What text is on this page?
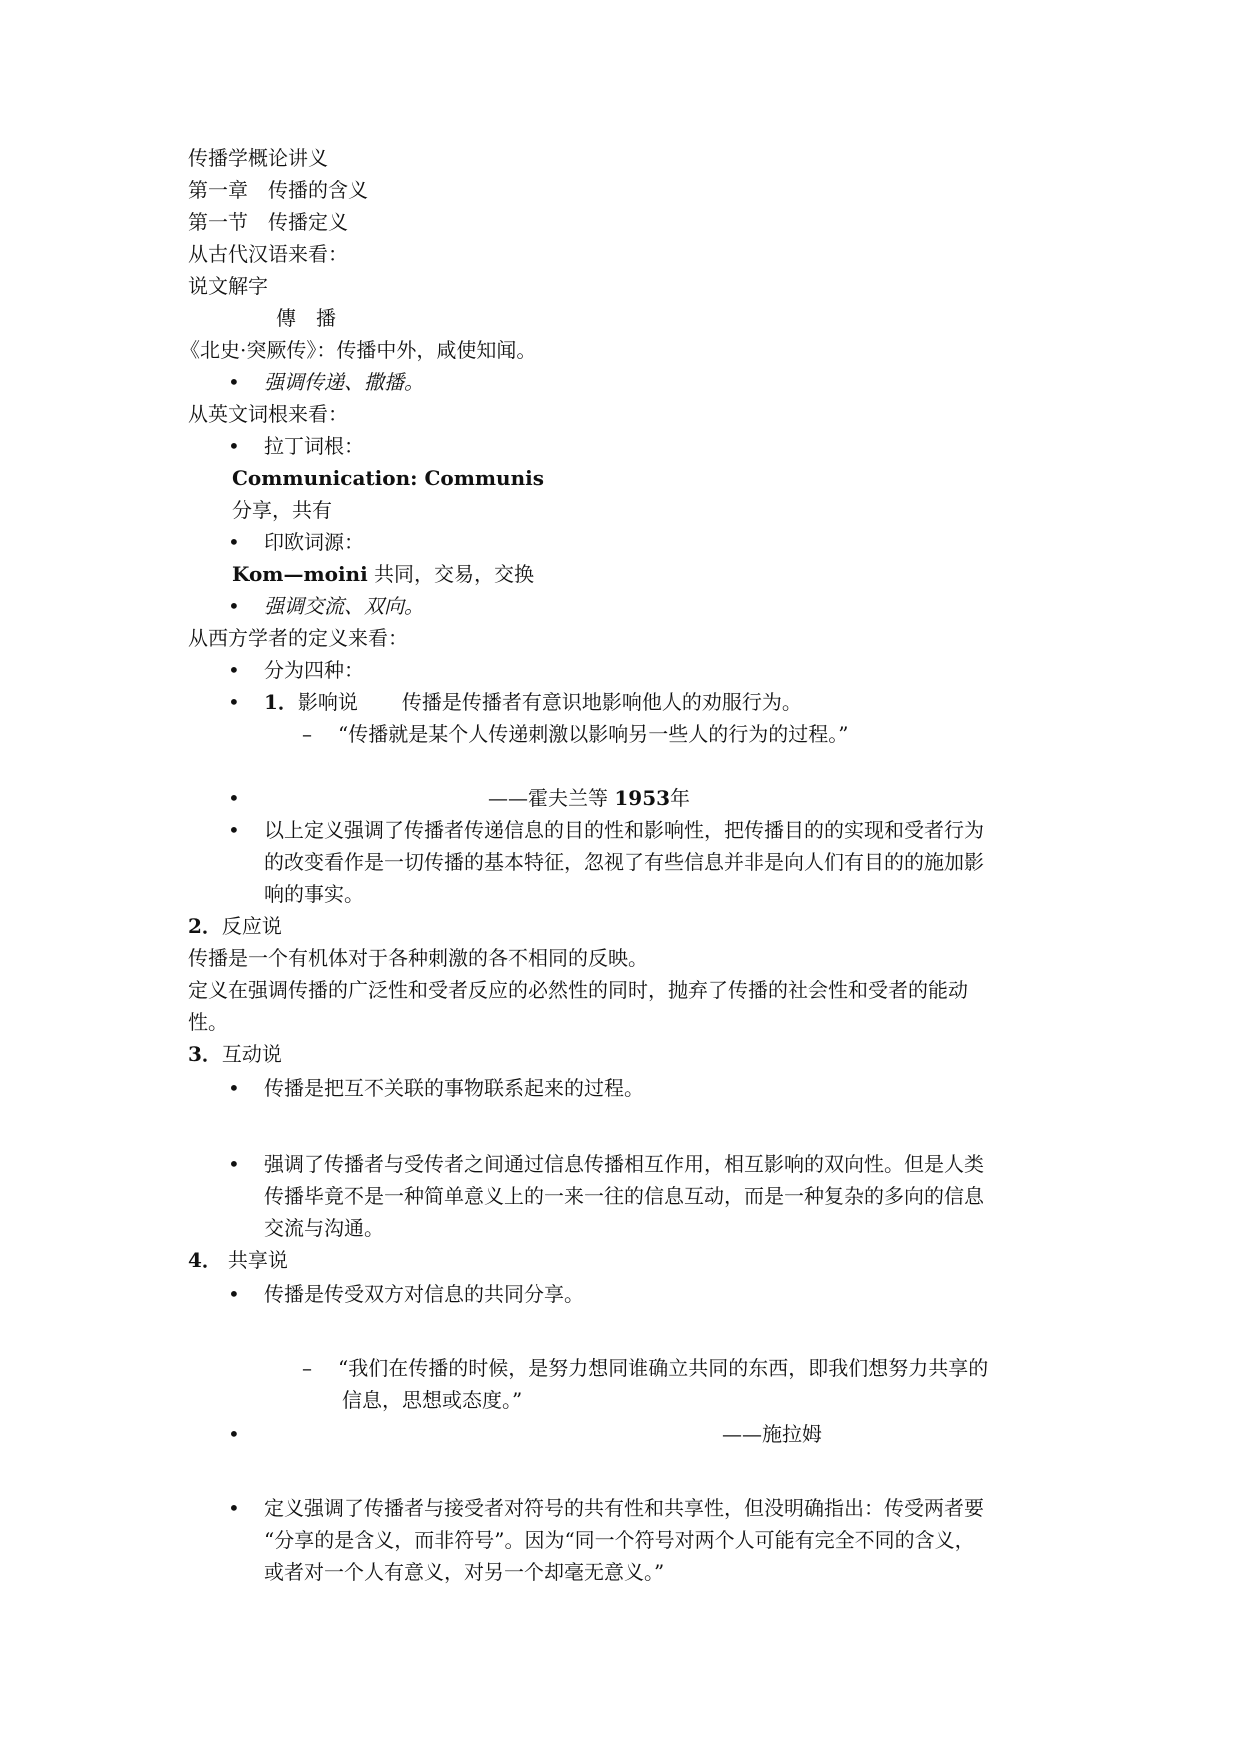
传播学概论讲义
第一章　传播的含义
第一节　传播定义
从古代汉语来看：
说文解字
傳播
《北史·突厥传》：传播中外，咸使知闻。
• 强调传递、撒播。
从英文词根来看：
• 拉丁词根：
Communication: Communis
分享，共有
• 印欧词源：
Kom—moini 共同，交易，交换
• 强调交流、双向。
从西方学者的定义来看：
• 分为四种：
• 1．影响说 传播是传播者有意识地影响他人的劝服行为。
– “传播就是某个人传递刺激以影响另一些人的行为的过程。”
•	——霍夫兰等 1953年
• 以上定义强调了传播者传递信息的目的性和影响性，把传播目的的实现和受者行为
的改变看作是一切传播的基本特征，忽视了有些信息并非是向人们有目的的施加影
响的事实。
2．反应说
传播是一个有机体对于各种刺激的各不相同的反映。
定义在强调传播的广泛性和受者反应的必然性的同时，抛弃了传播的社会性和受者的能动
性。
3．互动说
• 传播是把互不关联的事物联系起来的过程。
• 强调了传播者与受传者之间通过信息传播相互作用，相互影响的双向性。但是人类
传播毕竟不是一种简单意义上的一来一往的信息互动，而是一种复杂的多向的信息
交流与沟通。
4． 共享说
• 传播是传受双方对信息的共同分享。
– “我们在传播的时候，是努力想同谁确立共同的东西，即我们想努力共享的
信息，思想或态度。”
•	——施拉姆
• 定义强调了传播者与接受者对符号的共有性和共享性，但没明确指出：传受两者要
“分享的是含义，而非符号”。因为“同一个符号对两个人可能有完全不同的含义，
或者对一个人有意义，对另一个却毫无意义。”
